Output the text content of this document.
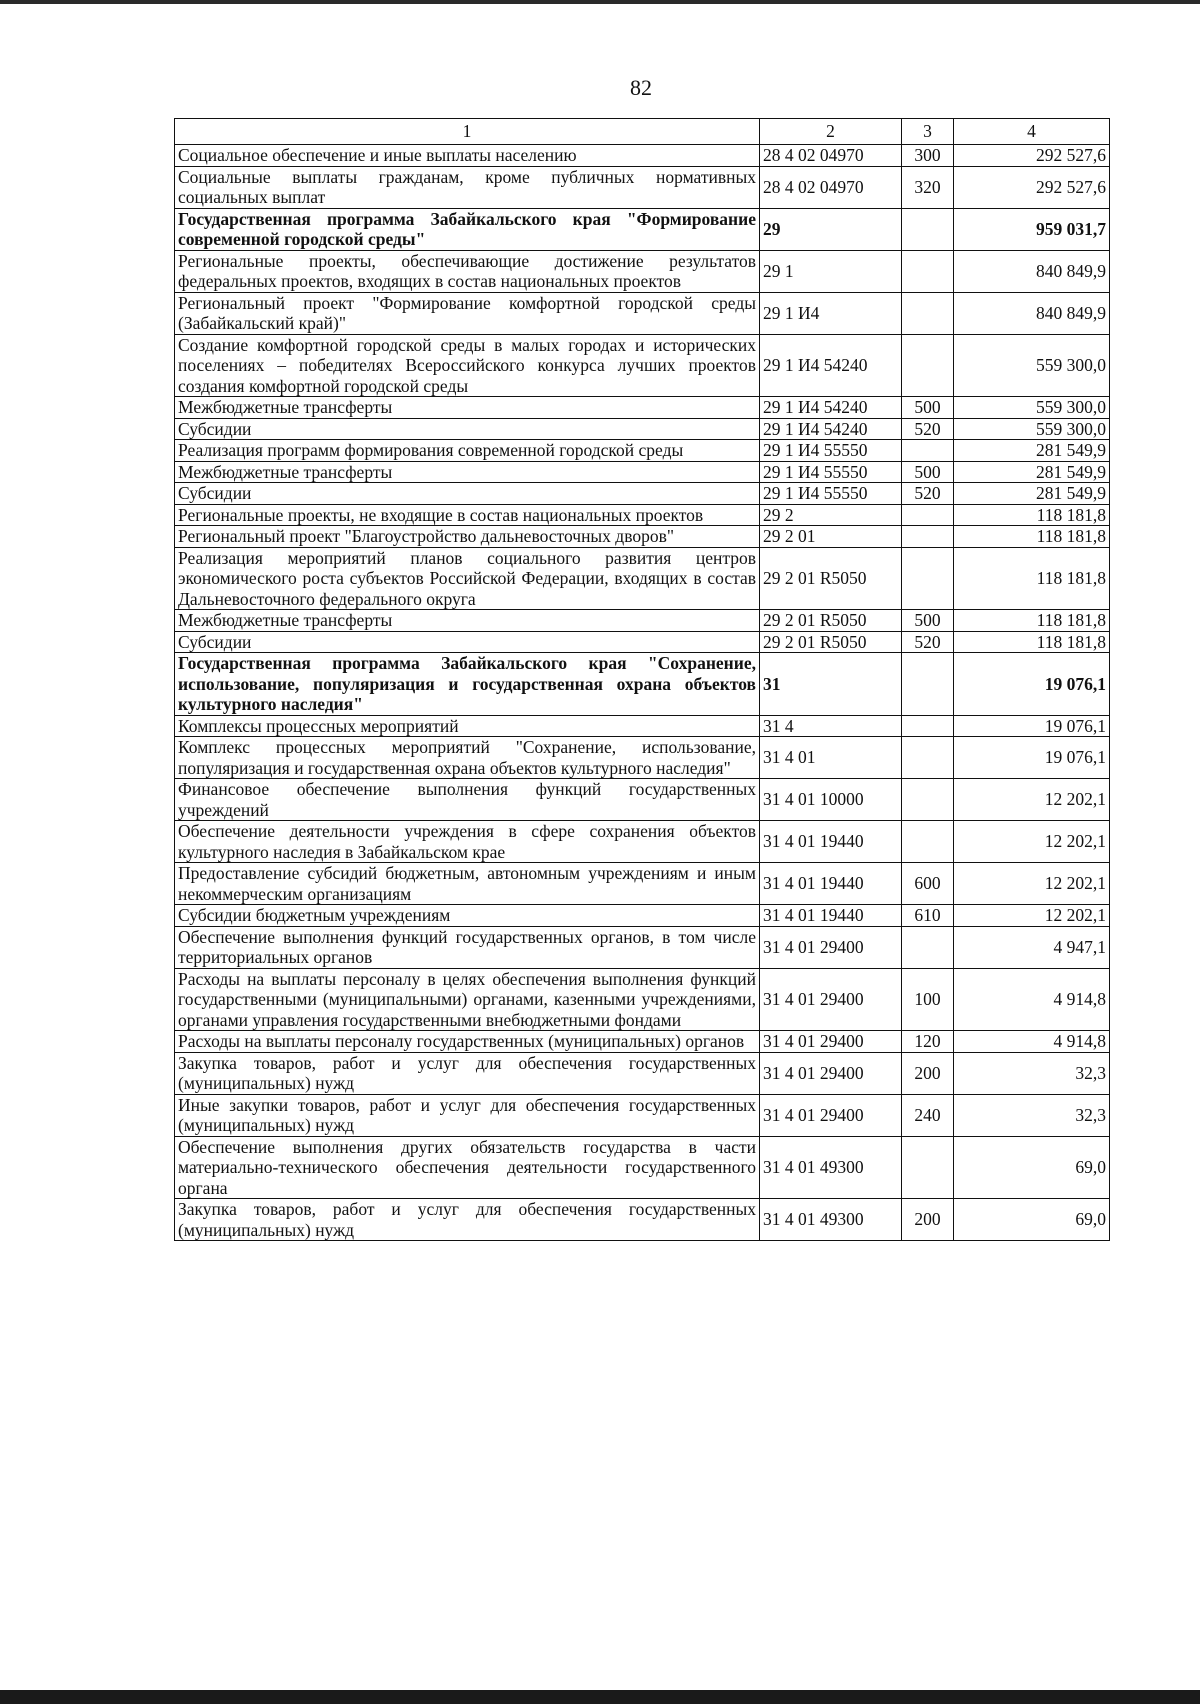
82
1	2	3	4
Социальное обеспечение и иные выплаты населению	28 4 02 04970	300	292 527,6
Социальные выплаты гражданам, кроме публичных нормативных социальных выплат	28 4 02 04970	320	292 527,6
Государственная программа Забайкальского края "Формирование современной городской среды"	29		959 031,7
Региональные проекты, обеспечивающие достижение результатов федеральных проектов, входящих в состав национальных проектов	29 1		840 849,9
Региональный проект "Формирование комфортной городской среды (Забайкальский край)"	29 1 И4		840 849,9
Создание комфортной городской среды в малых городах и исторических поселениях – победителях Всероссийского конкурса лучших проектов создания комфортной городской среды	29 1 И4 54240		559 300,0
Межбюджетные трансферты	29 1 И4 54240	500	559 300,0
Субсидии	29 1 И4 54240	520	559 300,0
Реализация программ формирования современной городской среды	29 1 И4 55550		281 549,9
Межбюджетные трансферты	29 1 И4 55550	500	281 549,9
Субсидии	29 1 И4 55550	520	281 549,9
Региональные проекты, не входящие в состав национальных проектов	29 2		118 181,8
Региональный проект "Благоустройство дальневосточных дворов"	29 2 01		118 181,8
Реализация мероприятий планов социального развития центров экономического роста субъектов Российской Федерации, входящих в состав Дальневосточного федерального округа	29 2 01 R5050		118 181,8
Межбюджетные трансферты	29 2 01 R5050	500	118 181,8
Субсидии	29 2 01 R5050	520	118 181,8
Государственная программа Забайкальского края "Сохранение, использование, популяризация и государственная охрана объектов культурного наследия"	31		19 076,1
Комплексы процессных мероприятий	31 4		19 076,1
Комплекс процессных мероприятий "Сохранение, использование, популяризация и государственная охрана объектов культурного наследия"	31 4 01		19 076,1
Финансовое обеспечение выполнения функций государственных учреждений	31 4 01 10000		12 202,1
Обеспечение деятельности учреждения в сфере сохранения объектов культурного наследия в Забайкальском крае	31 4 01 19440		12 202,1
Предоставление субсидий бюджетным, автономным учреждениям и иным некоммерческим организациям	31 4 01 19440	600	12 202,1
Субсидии бюджетным учреждениям	31 4 01 19440	610	12 202,1
Обеспечение выполнения функций государственных органов, в том числе территориальных органов	31 4 01 29400		4 947,1
Расходы на выплаты персоналу в целях обеспечения выполнения функций государственными (муниципальными) органами, казенными учреждениями, органами управления государственными внебюджетными фондами	31 4 01 29400	100	4 914,8
Расходы на выплаты персоналу государственных (муниципальных) органов	31 4 01 29400	120	4 914,8
Закупка товаров, работ и услуг для обеспечения государственных (муниципальных) нужд	31 4 01 29400	200	32,3
Иные закупки товаров, работ и услуг для обеспечения государственных (муниципальных) нужд	31 4 01 29400	240	32,3
Обеспечение выполнения других обязательств государства в части материально-технического обеспечения деятельности государственного органа	31 4 01 49300		69,0
Закупка товаров, работ и услуг для обеспечения государственных (муниципальных) нужд	31 4 01 49300	200	69,0
